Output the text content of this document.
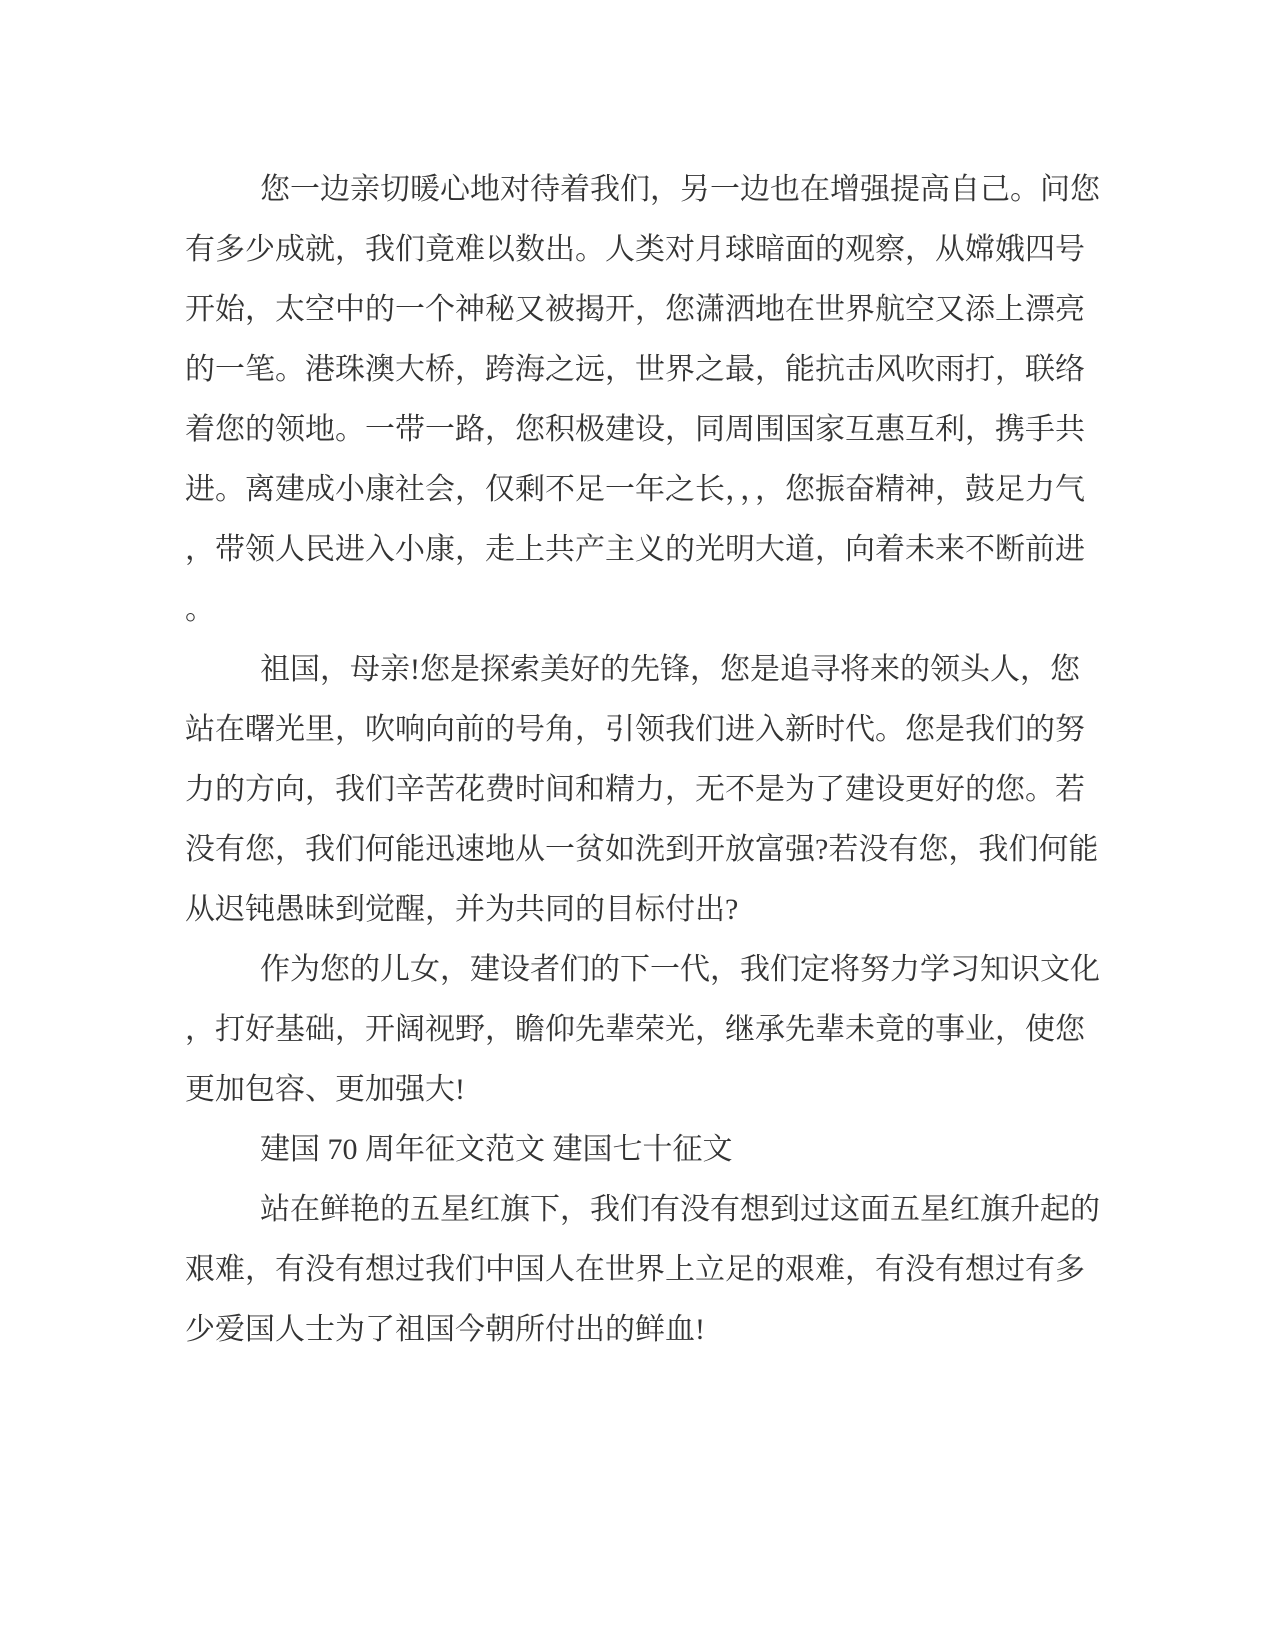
您一边亲切暖心地对待着我们，另一边也在增强提高自己。问您有多少成就，我们竟难以数出。人类对月球暗面的观察，从嫦娥四号开始，太空中的一个神秘又被揭开，您潇洒地在世界航空又添上漂亮的一笔。港珠澳大桥，跨海之远，世界之最，能抗击风吹雨打，联络着您的领地。一带一路，您积极建设，同周围国家互惠互利，携手共进。离建成小康社会，仅剩不足一年之长，，，您振奋精神，鼓足力气，带领人民进入小康，走上共产主义的光明大道，向着未来不断前进。

祖国，母亲!您是探索美好的先锋，您是追寻将来的领头人，您站在曙光里，吹响向前的号角，引领我们进入新时代。您是我们的努力的方向，我们辛苦花费时间和精力，无不是为了建设更好的您。若没有您，我们何能迅速地从一贫如洗到开放富强?若没有您，我们何能从迟钝愚昧到觉醒，并为共同的目标付出?

作为您的儿女，建设者们的下一代，我们定将努力学习知识文化，打好基础，开阔视野，瞻仰先辈荣光，继承先辈未竟的事业，使您更加包容、更加强大!

建国 70 周年征文范文 建国七十征文

站在鲜艳的五星红旗下，我们有没有想到过这面五星红旗升起的艰难，有没有想过我们中国人在世界上立足的艰难，有没有想过有多少爱国人士为了祖国今朝所付出的鲜血!
